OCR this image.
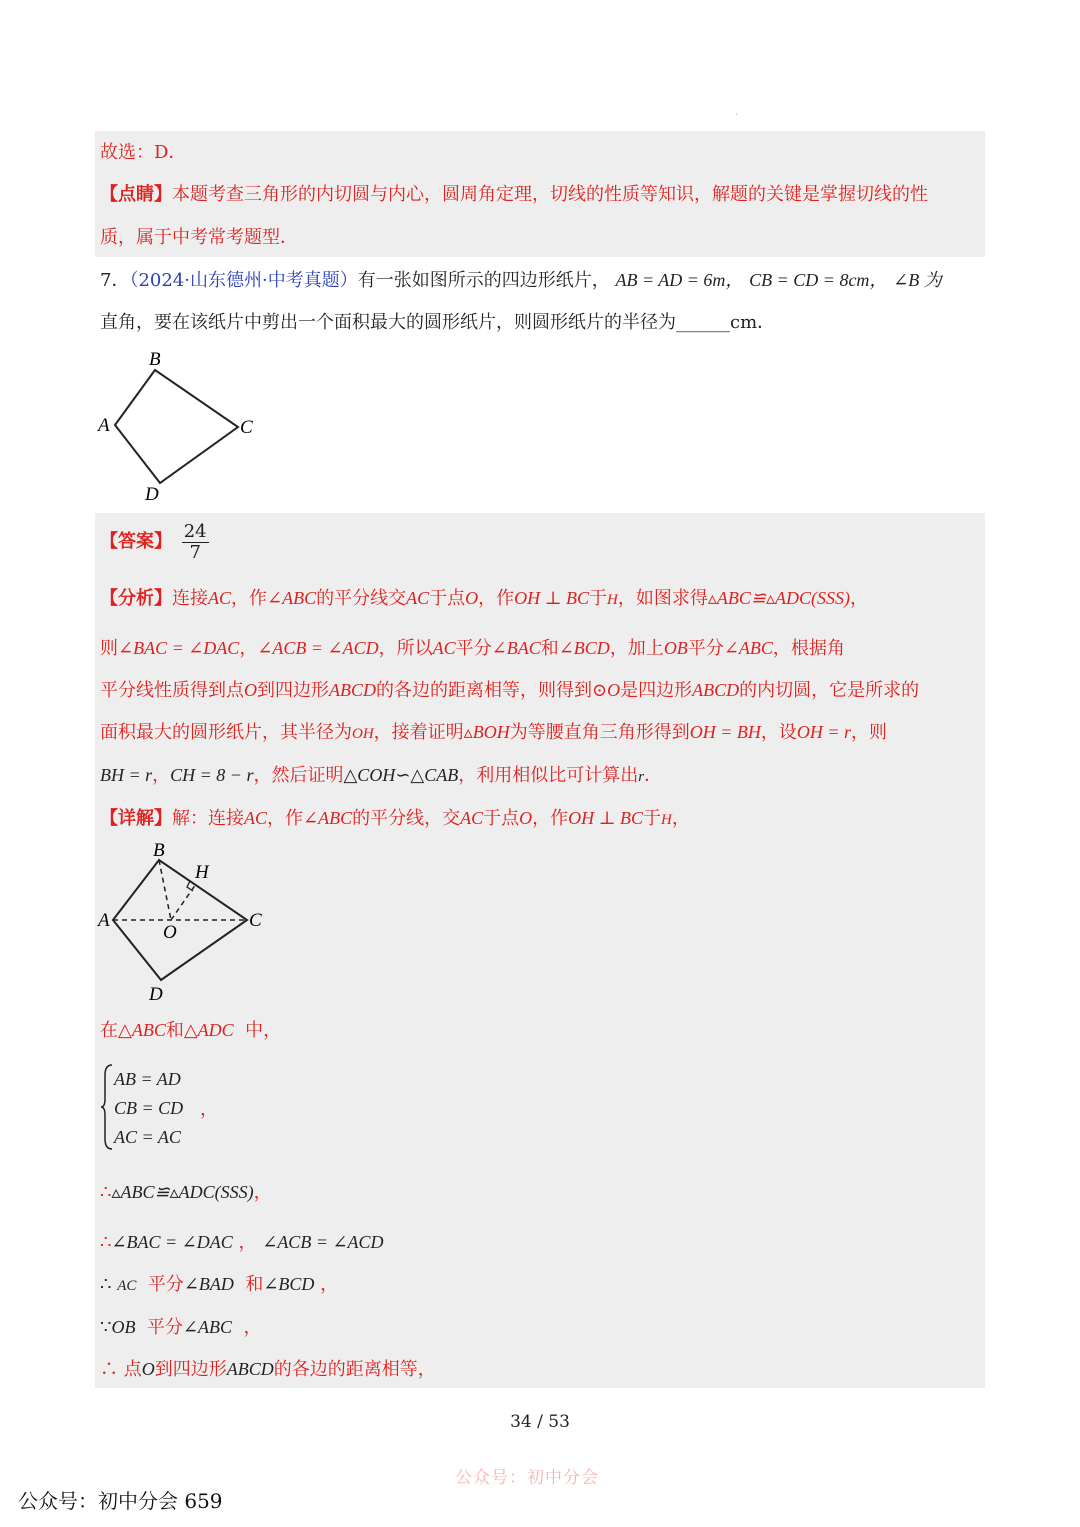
·
故选：D．
【点睛】本题考查三角形的内切圆与内心，圆周角定理，切线的性质等知识，解题的关键是掌握切线的性
质，属于中考常考题型．
7．（2024·山东德州·中考真题）有一张如图所示的四边形纸片， AB = AD = 6m， CB = CD = 8cm， ∠B 为
直角，要在该纸片中剪出一个面积最大的圆形纸片，则圆形纸片的半径为______cm．
B
A	C
D
【答案】 $\frac{24}{7}$
【分析】连接AC，作∠ABC的平分线交AC于点O，作OH ⊥ BC于H，如图求得▵ABC≌▵ADC(SSS)，
则∠BAC = ∠DAC，∠ACB = ∠ACD，所以AC平分∠BAC和∠BCD，加上OB平分∠ABC，根据角
平分线性质得到点O到四边形ABCD的各边的距离相等，则得到⊙O是四边形ABCD的内切圆，它是所求的
面积最大的圆形纸片，其半径为OH，接着证明▵BOH为等腰直角三角形得到OH = BH，设OH = r，则
BH = r，CH = 8 − r，然后证明△COH∽△CAB，利用相似比可计算出r．
【详解】解：连接AC，作∠ABC的平分线，交AC于点O，作OH ⊥ BC于H，
B
H
A
O
C
D
在△ABC和△ADC 中，
AB = AD
CB = CD
AC = AC
，
∴▵ABC≌▵ADC(SSS)，
∴∠BAC = ∠DAC ， ∠ACB = ∠ACD
∴ AC 平分∠BAD 和∠BCD ，
∵OB 平分∠ABC ，
∴ 点O到四边形ABCD的各边的距离相等，
34 / 53
公众号：初中分会
公众号：初中分会 659
